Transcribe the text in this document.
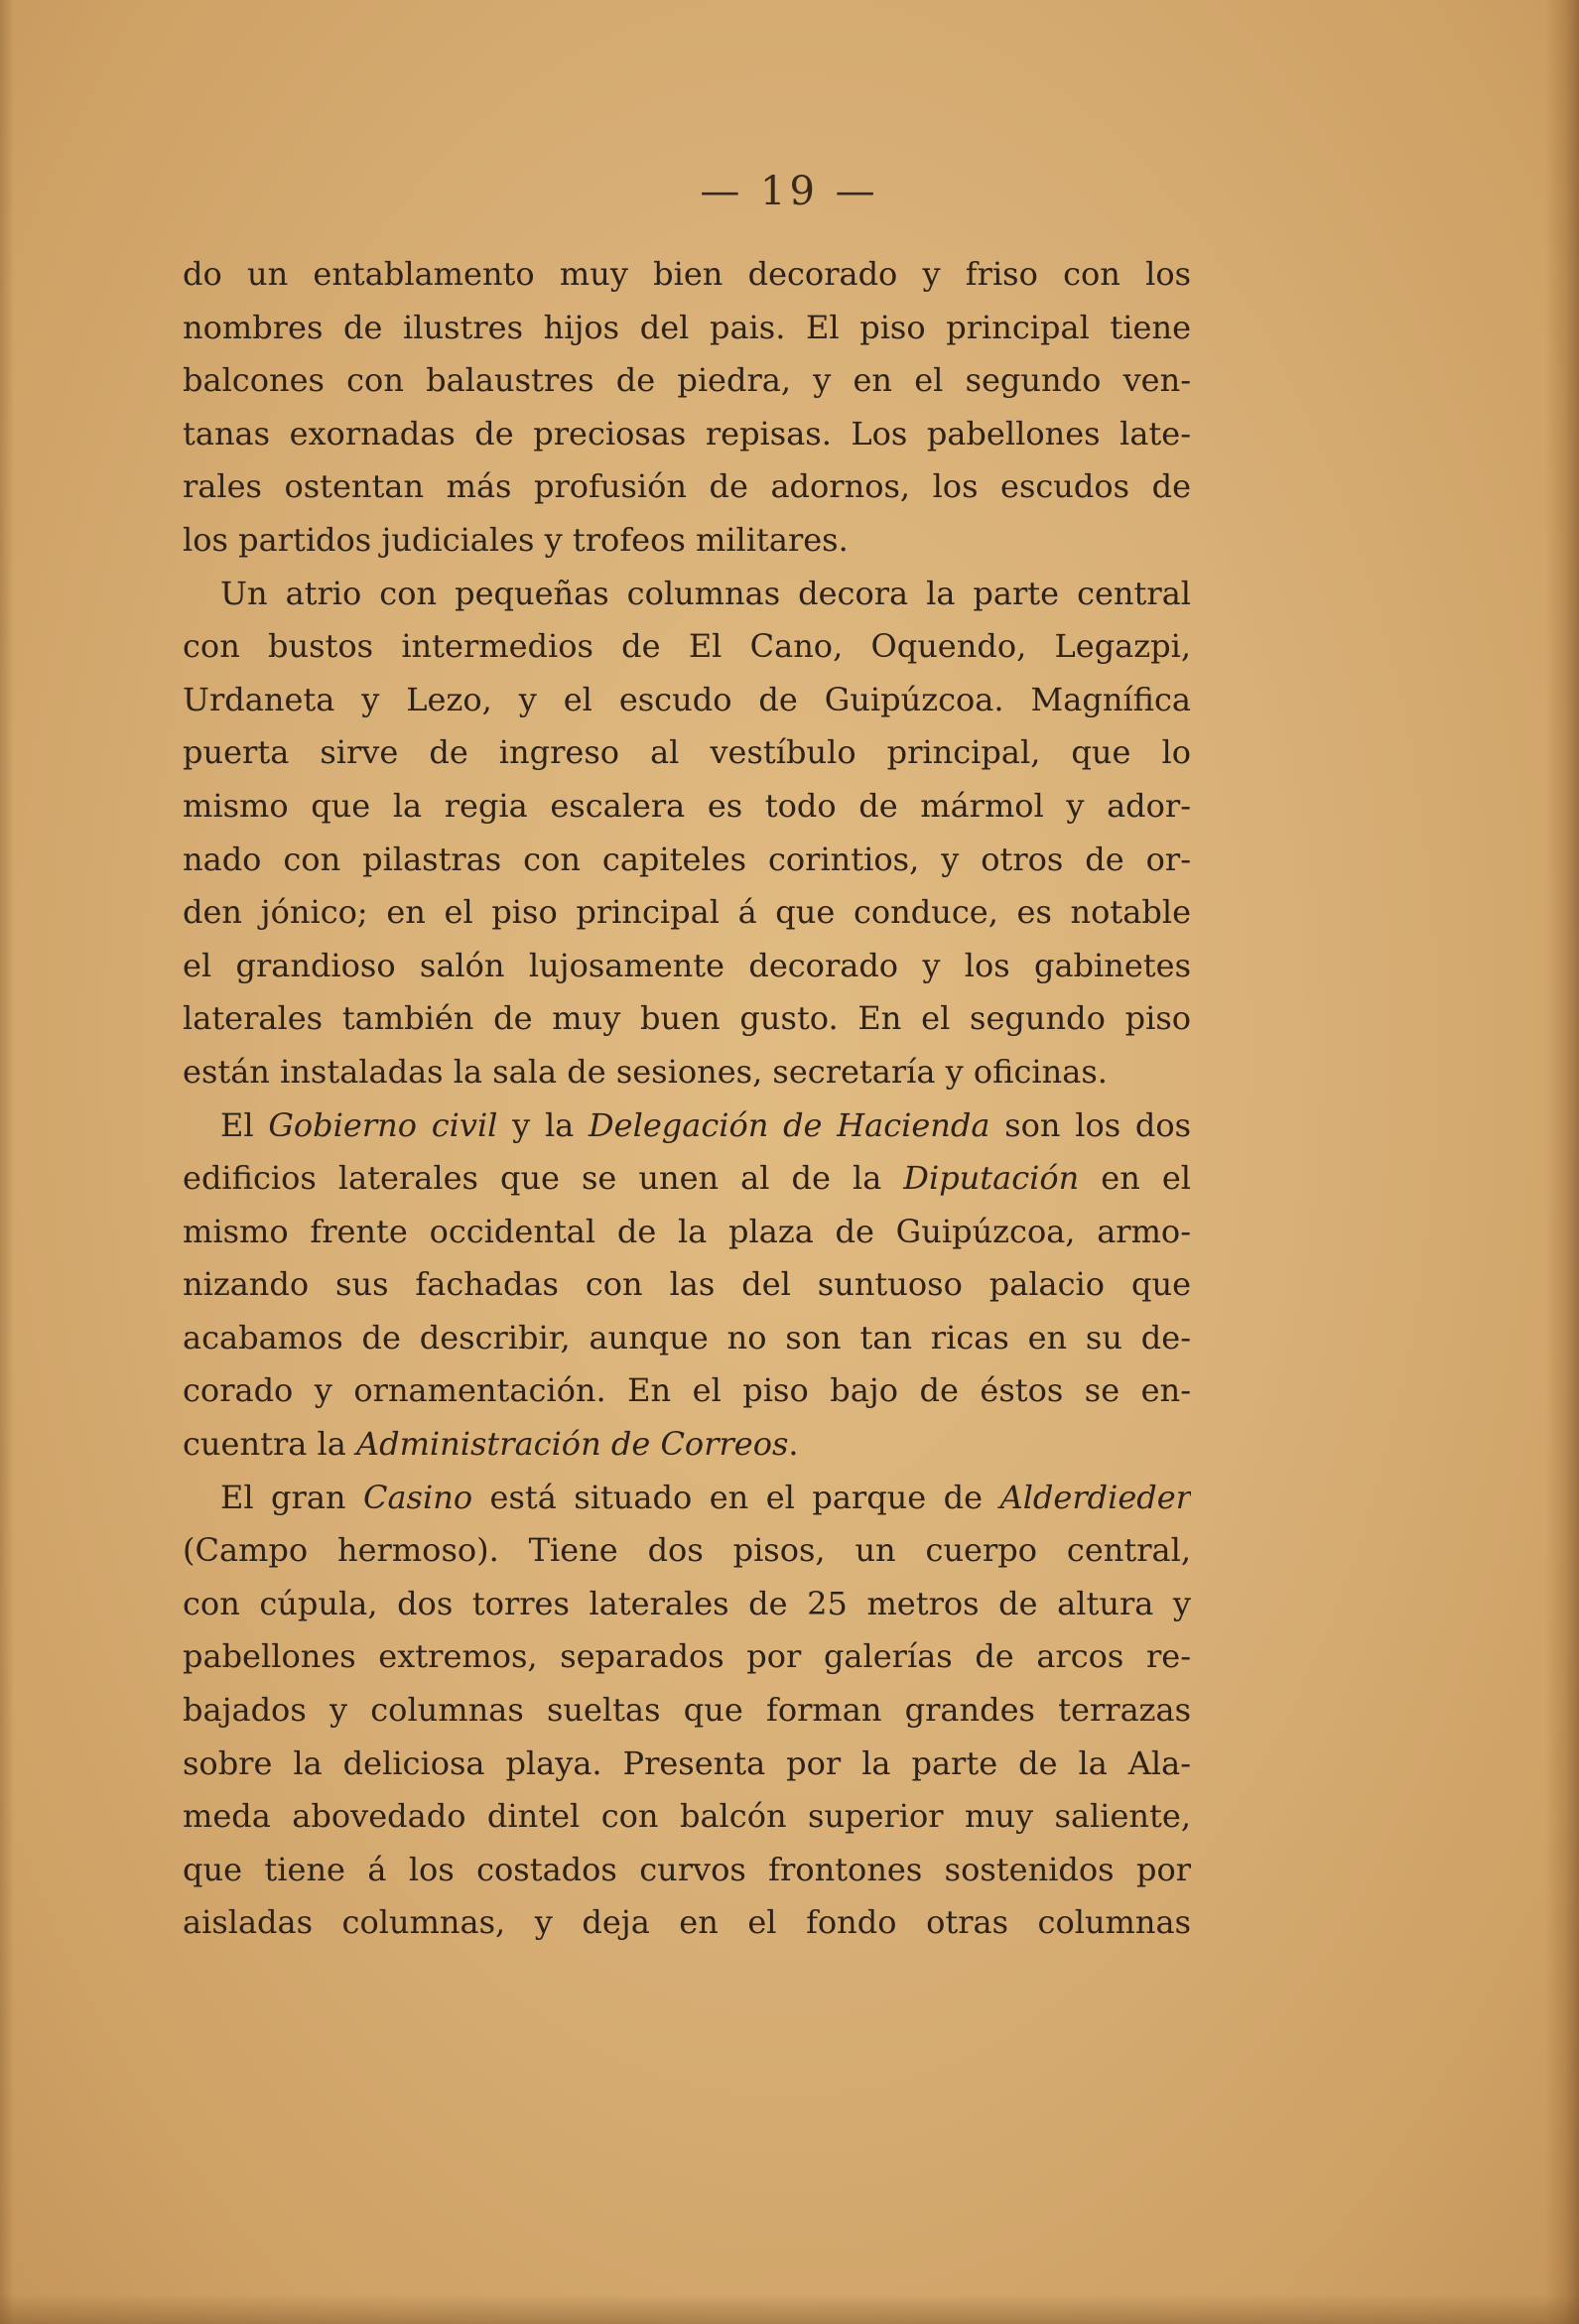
— 19 —
do un entablamento muy bien decorado y friso con los
nombres de ilustres hijos del pais. El piso principal tiene
balcones con balaustres de piedra, y en el segundo ven-
tanas exornadas de preciosas repisas. Los pabellones late-
rales ostentan más profusión de adornos, los escudos de
los partidos judiciales y trofeos militares.
Un atrio con pequeñas columnas decora la parte central
con bustos intermedios de El Cano, Oquendo, Legazpi,
Urdaneta y Lezo, y el escudo de Guipúzcoa. Magnífica
puerta sirve de ingreso al vestíbulo principal, que lo
mismo que la regia escalera es todo de mármol y ador-
nado con pilastras con capiteles corintios, y otros de or-
den jónico; en el piso principal á que conduce, es notable
el grandioso salón lujosamente decorado y los gabinetes
laterales también de muy buen gusto. En el segundo piso
están instaladas la sala de sesiones, secretaría y oficinas.
El Gobierno civil y la Delegación de Hacienda son los dos
edificios laterales que se unen al de la Diputación en el
mismo frente occidental de la plaza de Guipúzcoa, armo-
nizando sus fachadas con las del suntuoso palacio que
acabamos de describir, aunque no son tan ricas en su de-
corado y ornamentación. En el piso bajo de éstos se en-
cuentra la Administración de Correos.
El gran Casino está situado en el parque de Alderdieder
(Campo hermoso). Tiene dos pisos, un cuerpo central,
con cúpula, dos torres laterales de 25 metros de altura y
pabellones extremos, separados por galerías de arcos re-
bajados y columnas sueltas que forman grandes terrazas
sobre la deliciosa playa. Presenta por la parte de la Ala-
meda abovedado dintel con balcón superior muy saliente,
que tiene á los costados curvos frontones sostenidos por
aisladas columnas, y deja en el fondo otras columnas
